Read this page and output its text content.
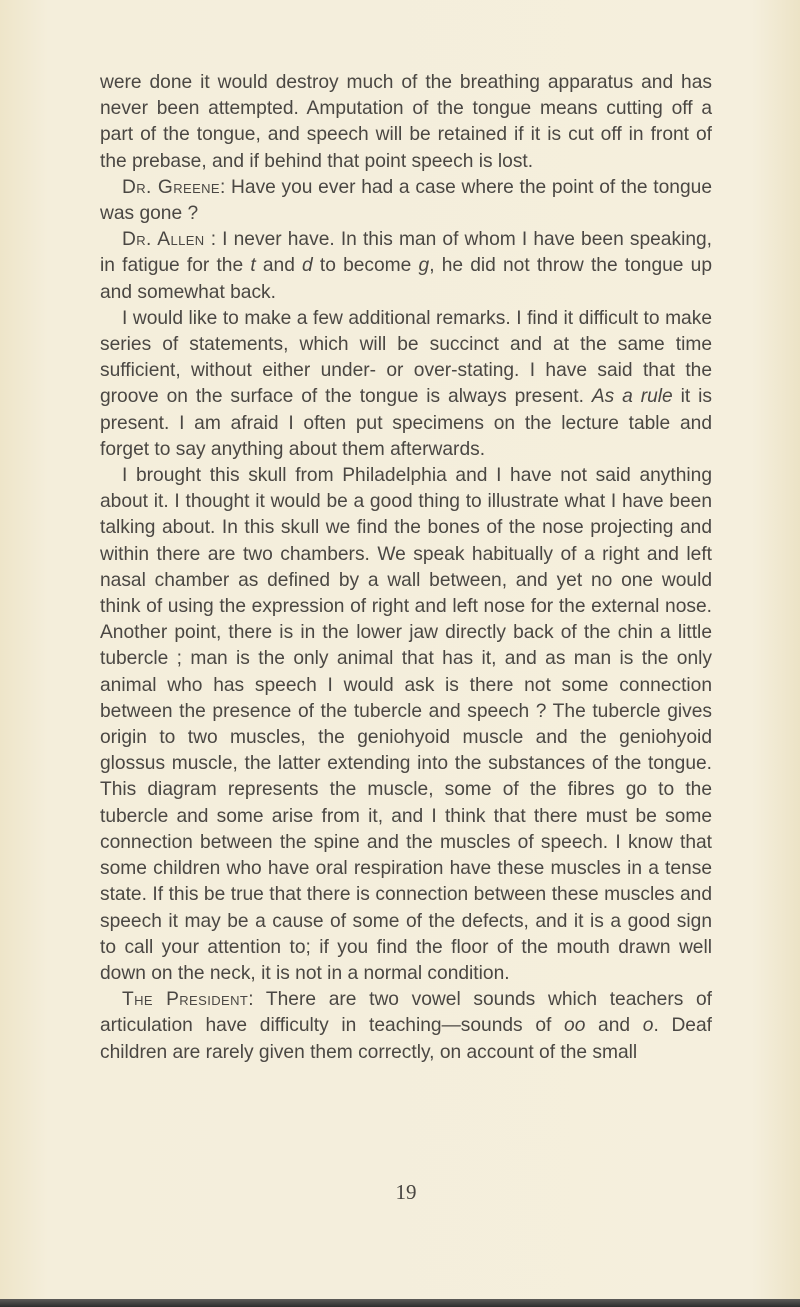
were done it would destroy much of the breathing apparatus and has never been attempted. Amputation of the tongue means cutting off a part of the tongue, and speech will be retained if it is cut off in front of the prebase, and if behind that point speech is lost.

Dr. Greene: Have you ever had a case where the point of the tongue was gone ?

Dr. Allen : I never have. In this man of whom I have been speaking, in fatigue for the t and d to become g, he did not throw the tongue up and somewhat back.

I would like to make a few additional remarks. I find it difficult to make series of statements, which will be succinct and at the same time sufficient, without either under- or over-stating. I have said that the groove on the surface of the tongue is always present. As a rule it is present. I am afraid I often put specimens on the lecture table and forget to say anything about them afterwards.

I brought this skull from Philadelphia and I have not said anything about it. I thought it would be a good thing to illustrate what I have been talking about. In this skull we find the bones of the nose projecting and within there are two chambers. We speak habitually of a right and left nasal chamber as defined by a wall between, and yet no one would think of using the expression of right and left nose for the external nose. Another point, there is in the lower jaw directly back of the chin a little tubercle ; man is the only animal that has it, and as man is the only animal who has speech I would ask is there not some connection between the presence of the tubercle and speech ? The tubercle gives origin to two muscles, the geniohyoid muscle and the geniohyoid glossus muscle, the latter extending into the substances of the tongue. This diagram represents the muscle, some of the fibres go to the tubercle and some arise from it, and I think that there must be some connection between the spine and the muscles of speech. I know that some children who have oral respiration have these muscles in a tense state. If this be true that there is connection between these muscles and speech it may be a cause of some of the defects, and it is a good sign to call your attention to; if you find the floor of the mouth drawn well down on the neck, it is not in a normal condition.

The President: There are two vowel sounds which teachers of articulation have difficulty in teaching—sounds of oo and o. Deaf children are rarely given them correctly, on account of the small

19
